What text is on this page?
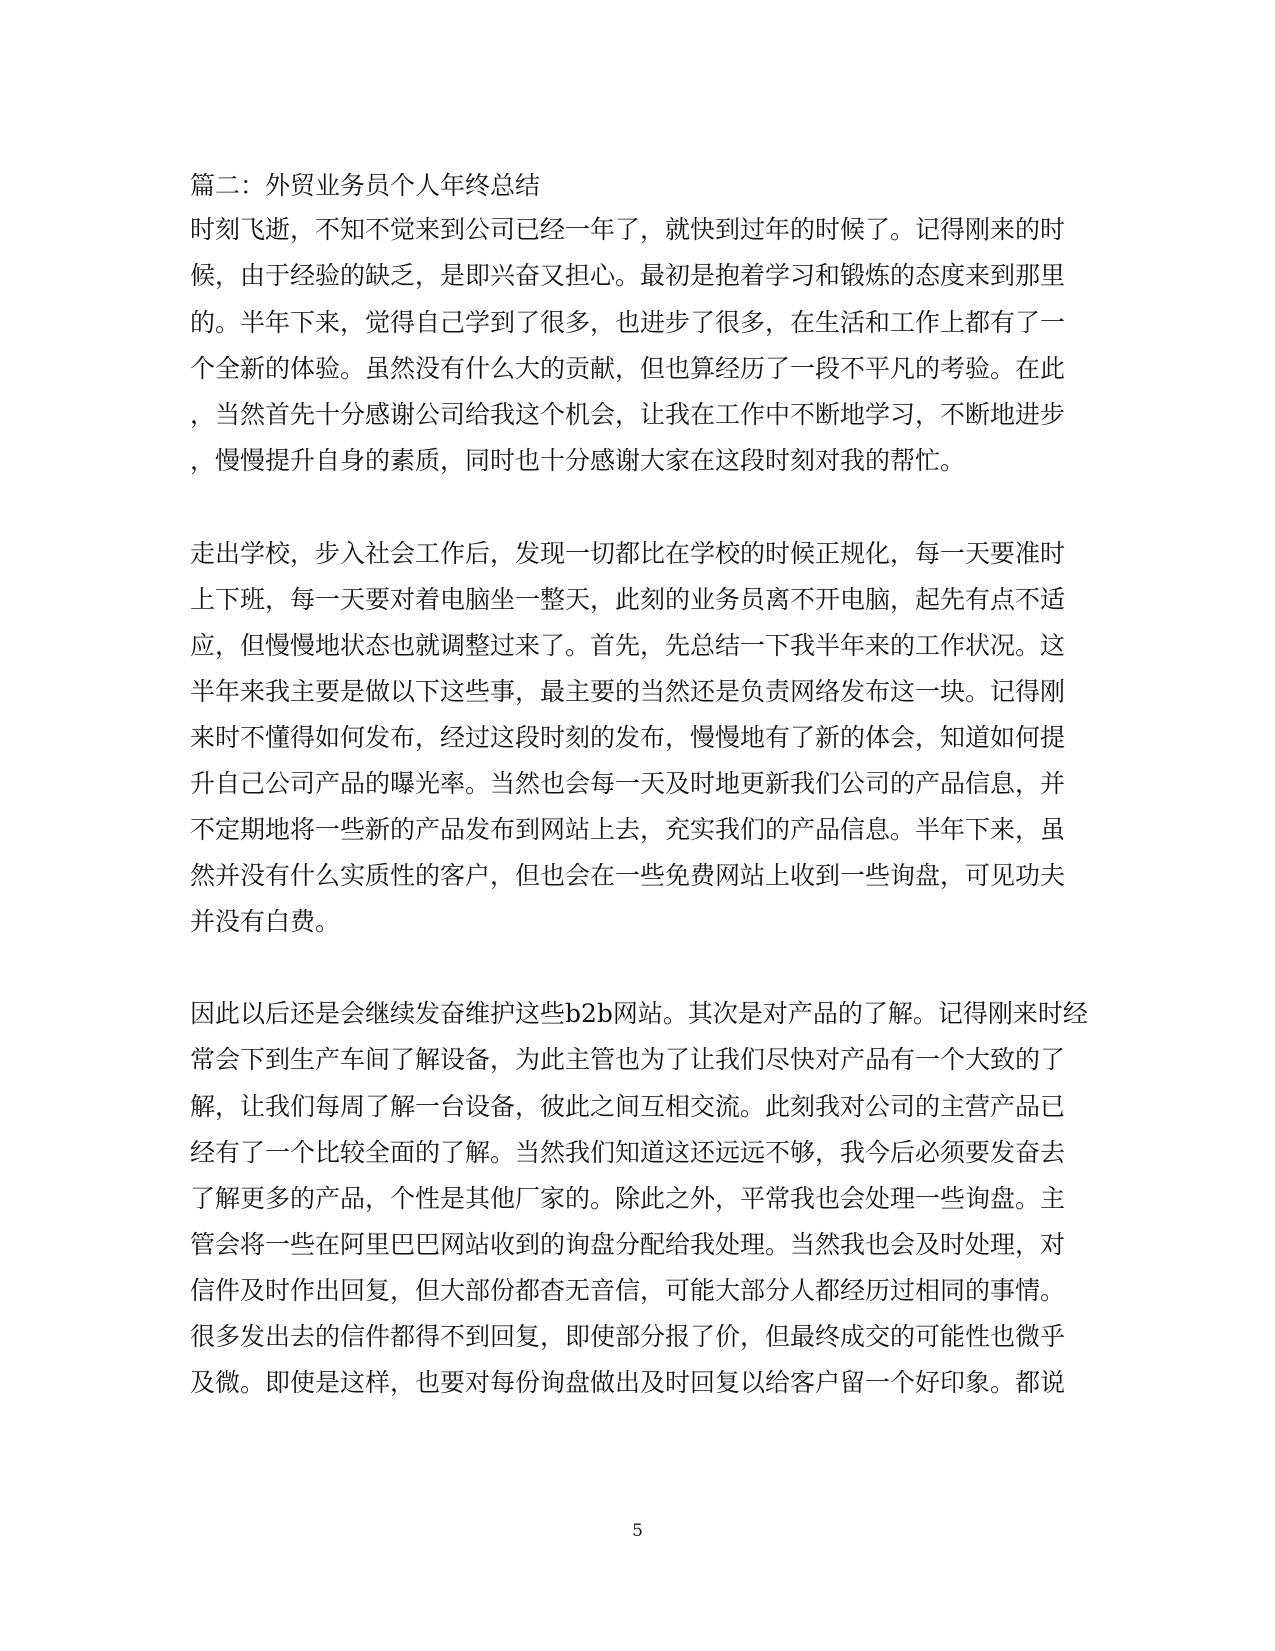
篇二：外贸业务员个人年终总结
时刻飞逝，不知不觉来到公司已经一年了，就快到过年的时候了。记得刚来的时
候，由于经验的缺乏，是即兴奋又担心。最初是抱着学习和锻炼的态度来到那里
的。半年下来，觉得自己学到了很多，也进步了很多，在生活和工作上都有了一
个全新的体验。虽然没有什么大的贡献，但也算经历了一段不平凡的考验。在此
，当然首先十分感谢公司给我这个机会，让我在工作中不断地学习，不断地进步
，慢慢提升自身的素质，同时也十分感谢大家在这段时刻对我的帮忙。
走出学校，步入社会工作后，发现一切都比在学校的时候正规化，每一天要准时
上下班，每一天要对着电脑坐一整天，此刻的业务员离不开电脑，起先有点不适
应，但慢慢地状态也就调整过来了。首先，先总结一下我半年来的工作状况。这
半年来我主要是做以下这些事，最主要的当然还是负责网络发布这一块。记得刚
来时不懂得如何发布，经过这段时刻的发布，慢慢地有了新的体会，知道如何提
升自己公司产品的曝光率。当然也会每一天及时地更新我们公司的产品信息，并
不定期地将一些新的产品发布到网站上去，充实我们的产品信息。半年下来，虽
然并没有什么实质性的客户，但也会在一些免费网站上收到一些询盘，可见功夫
并没有白费。
因此以后还是会继续发奋维护这些b2b网站。其次是对产品的了解。记得刚来时经
常会下到生产车间了解设备，为此主管也为了让我们尽快对产品有一个大致的了
解，让我们每周了解一台设备，彼此之间互相交流。此刻我对公司的主营产品已
经有了一个比较全面的了解。当然我们知道这还远远不够，我今后必须要发奋去
了解更多的产品，个性是其他厂家的。除此之外，平常我也会处理一些询盘。主
管会将一些在阿里巴巴网站收到的询盘分配给我处理。当然我也会及时处理，对
信件及时作出回复，但大部份都杳无音信，可能大部分人都经历过相同的事情。
很多发出去的信件都得不到回复，即使部分报了价，但最终成交的可能性也微乎
及微。即使是这样，也要对每份询盘做出及时回复以给客户留一个好印象。都说
5
